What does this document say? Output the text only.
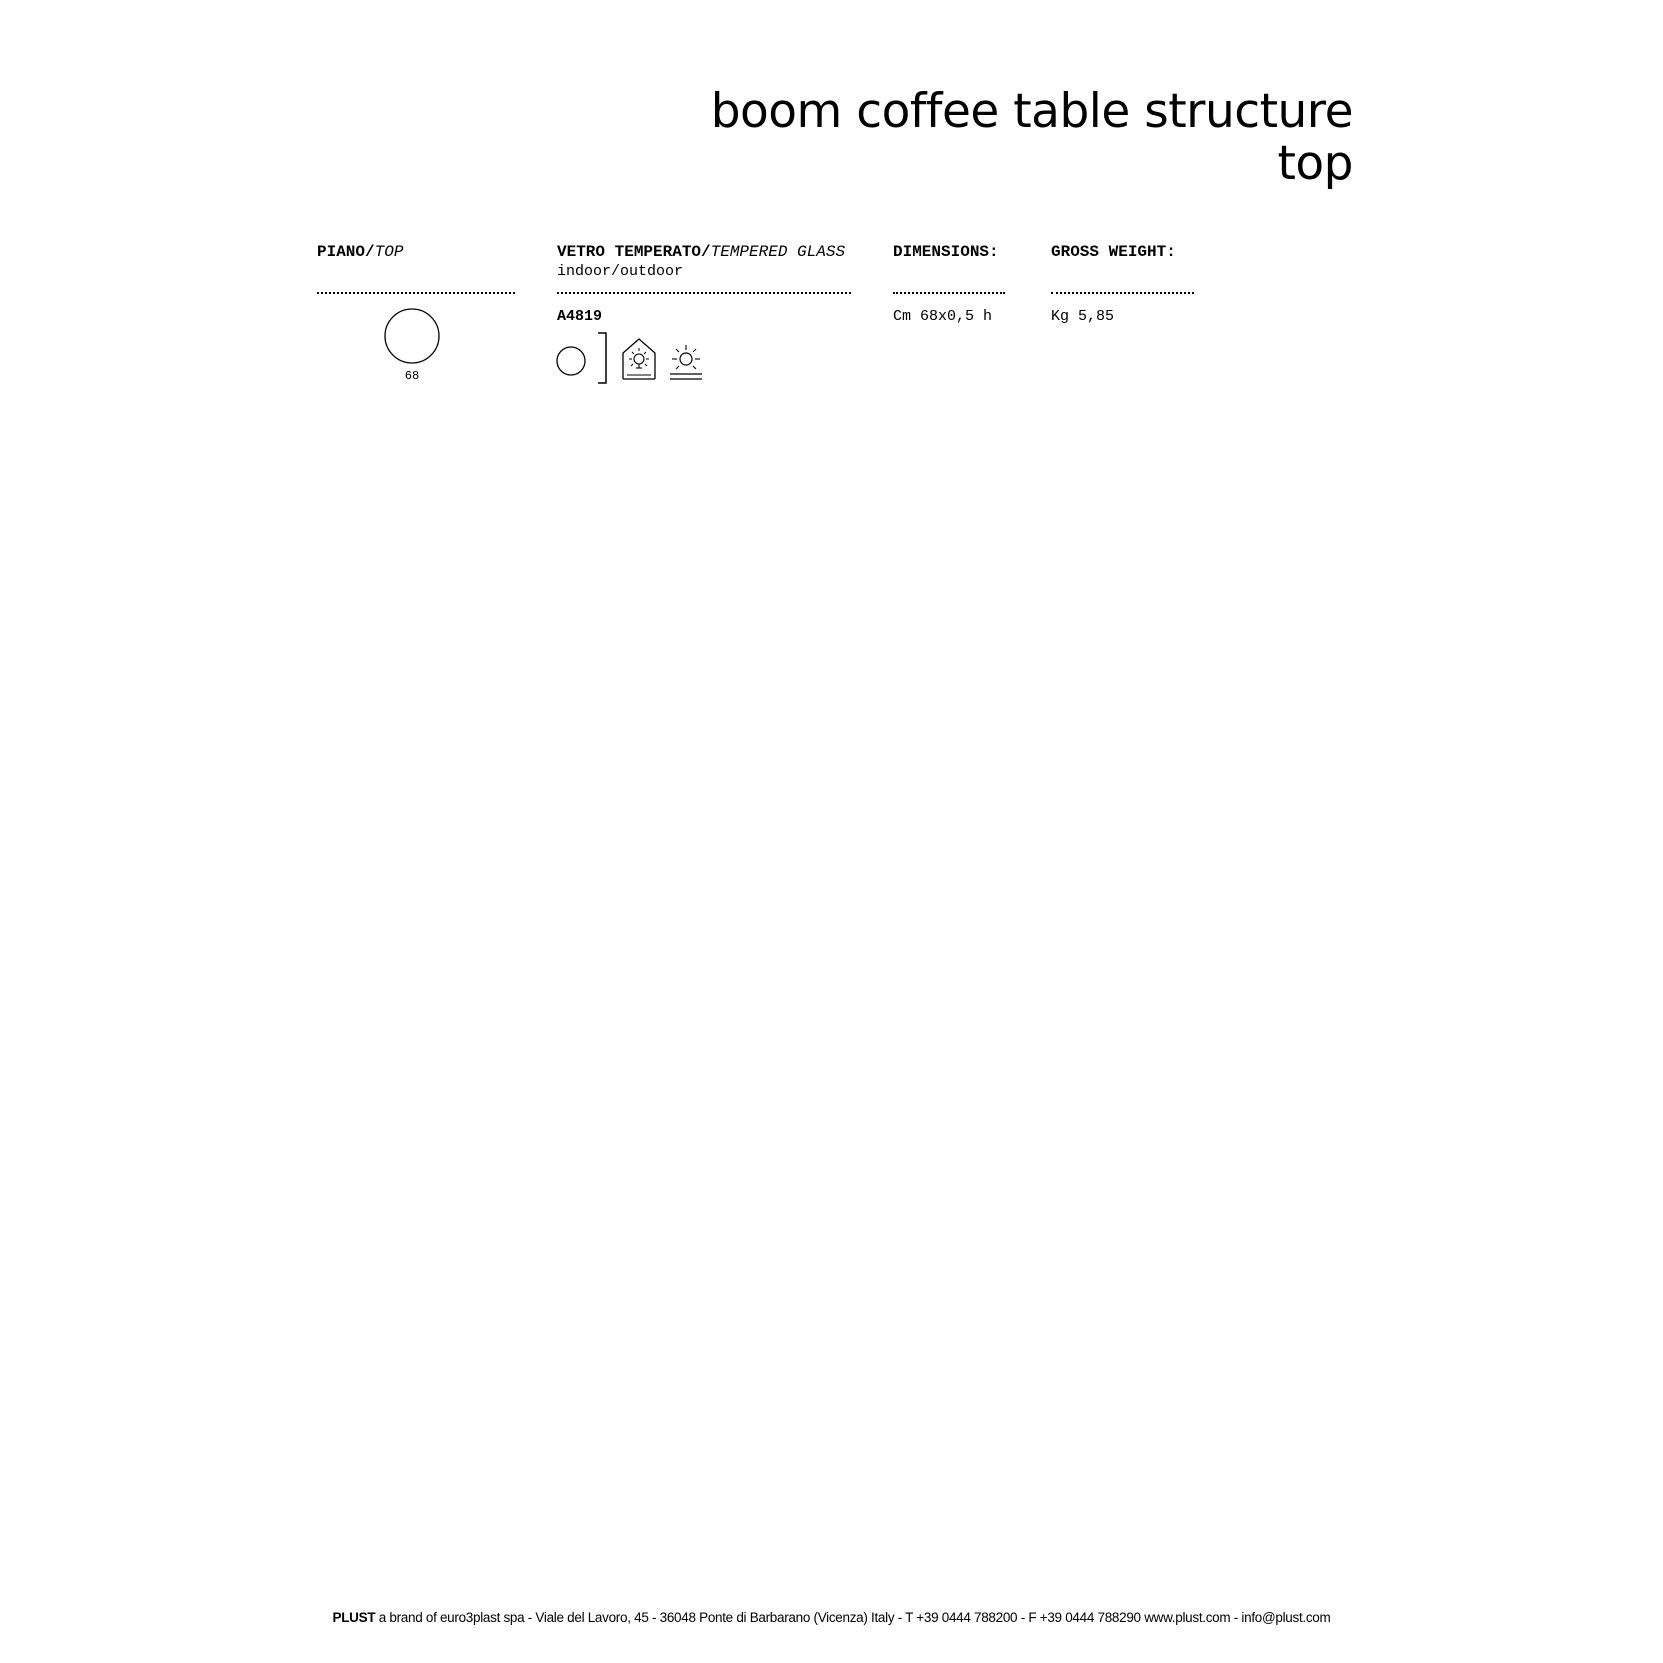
boom coffee table structure
top
PIANO/TOP
68
VETRO TEMPERATO/TEMPERED GLASS
indoor/outdoor
A4819
DIMENSIONS:
Cm 68x0,5 h
GROSS WEIGHT:
Kg 5,85
PLUST a brand of euro3plast spa - Viale del Lavoro, 45 - 36048 Ponte di Barbarano (Vicenza) Italy - T +39 0444 788200 - F +39 0444 788290 www.plust.com - info@plust.com
